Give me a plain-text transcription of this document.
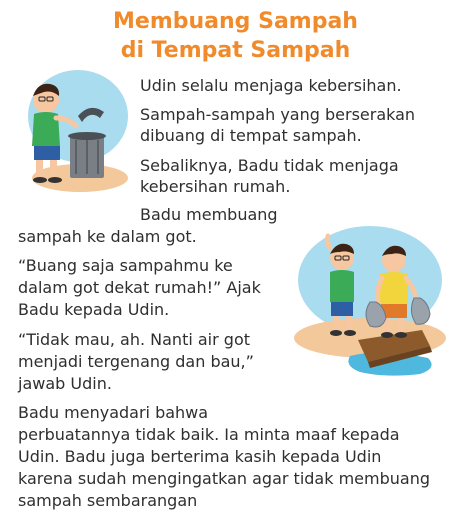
Membuang Sampah
di Tempat Sampah
Udin selalu menjaga kebersihan.
Sampah-sampah yang berserakan
dibuang di tempat sampah.
Sebaliknya, Badu tidak menjaga
kebersihan rumah.
Badu membuang
sampah ke dalam got.
“Buang saja sampahmu ke
dalam got dekat rumah!” Ajak
Badu kepada Udin.
“Tidak mau, ah. Nanti air got
menjadi tergenang dan bau,”
jawab Udin.
Badu menyadari bahwa
perbuatannya tidak baik. Ia minta maaf kepada
Udin. Badu juga berterima kasih kepada Udin
karena sudah mengingatkan agar tidak membuang
sampah sembarangan
